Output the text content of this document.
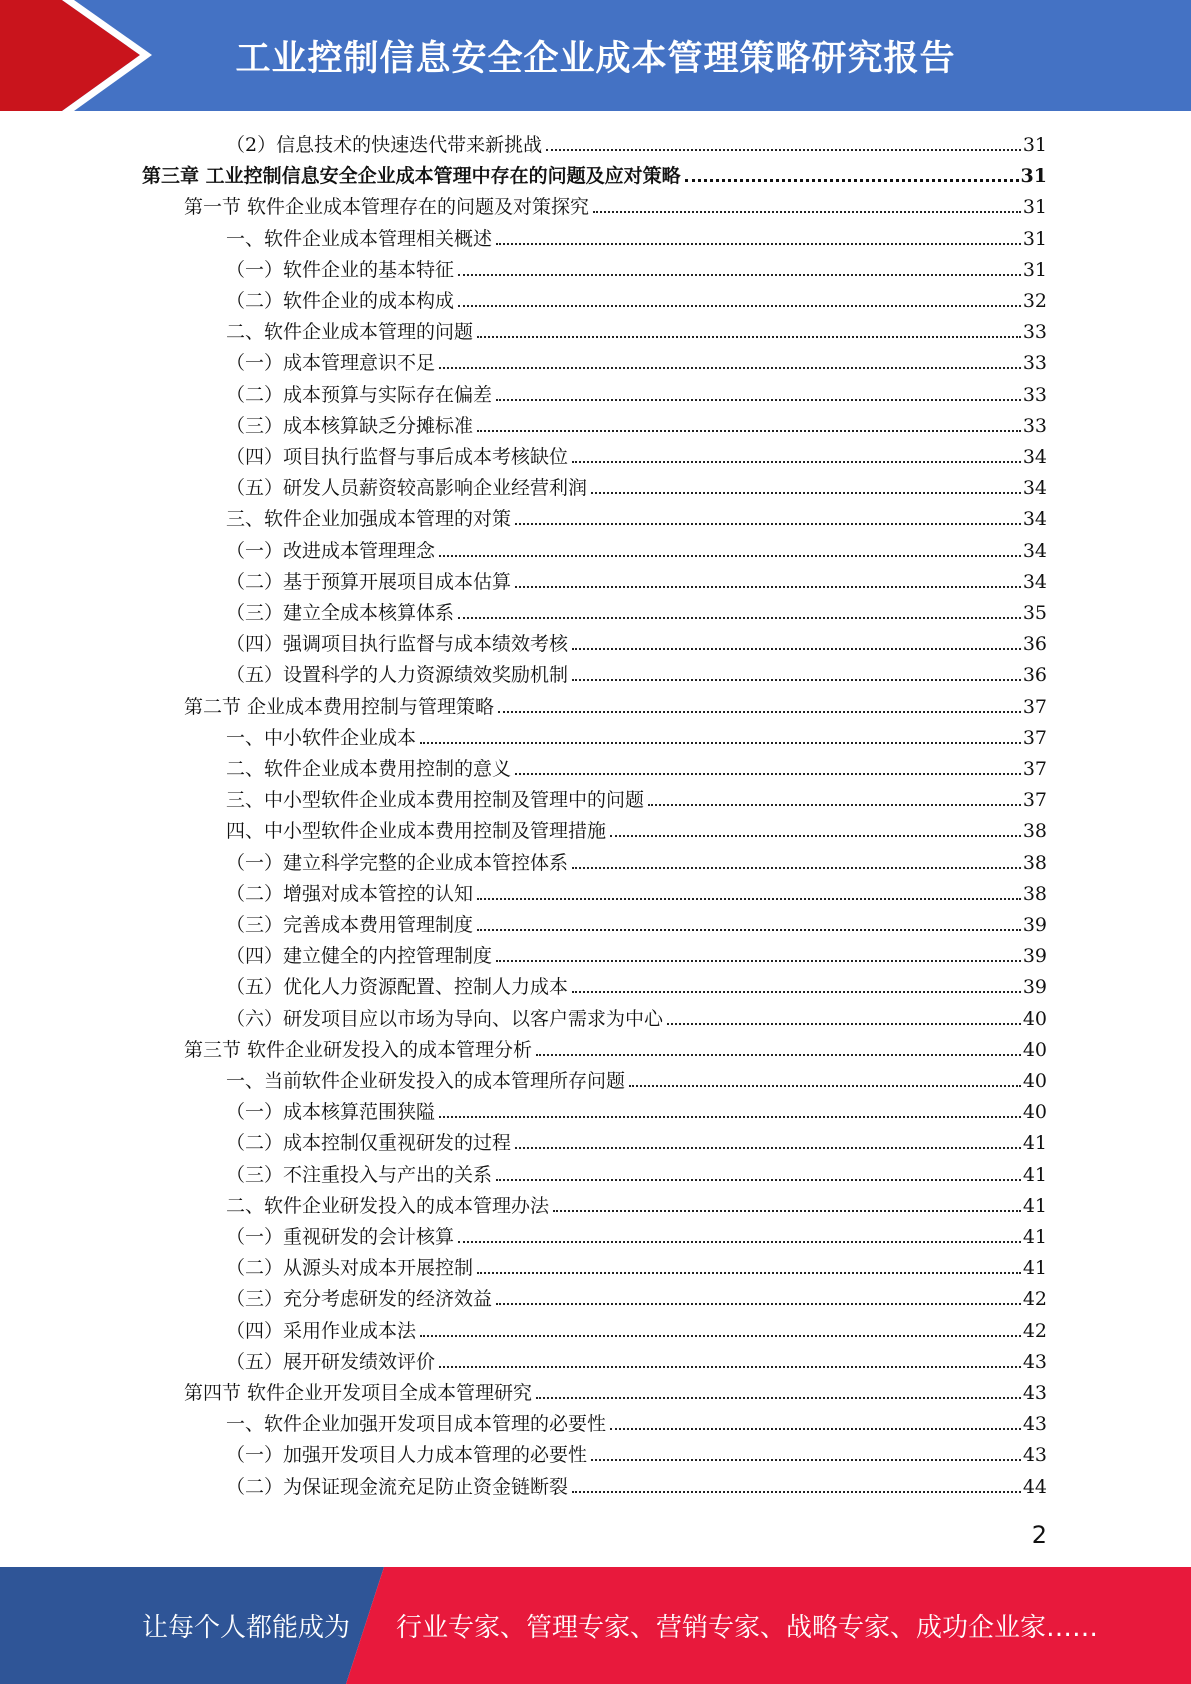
工业控制信息安全企业成本管理策略研究报告
（2）信息技术的快速迭代带来新挑战	31
第三章 工业控制信息安全企业成本管理中存在的问题及应对策略	31
第一节 软件企业成本管理存在的问题及对策探究	31
一、软件企业成本管理相关概述	31
（一）软件企业的基本特征	31
（二）软件企业的成本构成	32
二、软件企业成本管理的问题	33
（一）成本管理意识不足	33
（二）成本预算与实际存在偏差	33
（三）成本核算缺乏分摊标准	33
（四）项目执行监督与事后成本考核缺位	34
（五）研发人员薪资较高影响企业经营利润	34
三、软件企业加强成本管理的对策	34
（一）改进成本管理理念	34
（二）基于预算开展项目成本估算	34
（三）建立全成本核算体系	35
（四）强调项目执行监督与成本绩效考核	36
（五）设置科学的人力资源绩效奖励机制	36
第二节 企业成本费用控制与管理策略	37
一、中小软件企业成本	37
二、软件企业成本费用控制的意义	37
三、中小型软件企业成本费用控制及管理中的问题	37
四、中小型软件企业成本费用控制及管理措施	38
（一）建立科学完整的企业成本管控体系	38
（二）增强对成本管控的认知	38
（三）完善成本费用管理制度	39
（四）建立健全的内控管理制度	39
（五）优化人力资源配置、控制人力成本	39
（六）研发项目应以市场为导向、以客户需求为中心	40
第三节 软件企业研发投入的成本管理分析	40
一、当前软件企业研发投入的成本管理所存问题	40
（一）成本核算范围狭隘	40
（二）成本控制仅重视研发的过程	41
（三）不注重投入与产出的关系	41
二、软件企业研发投入的成本管理办法	41
（一）重视研发的会计核算	41
（二）从源头对成本开展控制	41
（三）充分考虑研发的经济效益	42
（四）采用作业成本法	42
（五）展开研发绩效评价	43
第四节 软件企业开发项目全成本管理研究	43
一、软件企业加强开发项目成本管理的必要性	43
（一）加强开发项目人力成本管理的必要性	43
（二）为保证现金流充足防止资金链断裂	44
2
让每个人都能成为 行业专家、管理专家、营销专家、战略专家、成功企业家……
